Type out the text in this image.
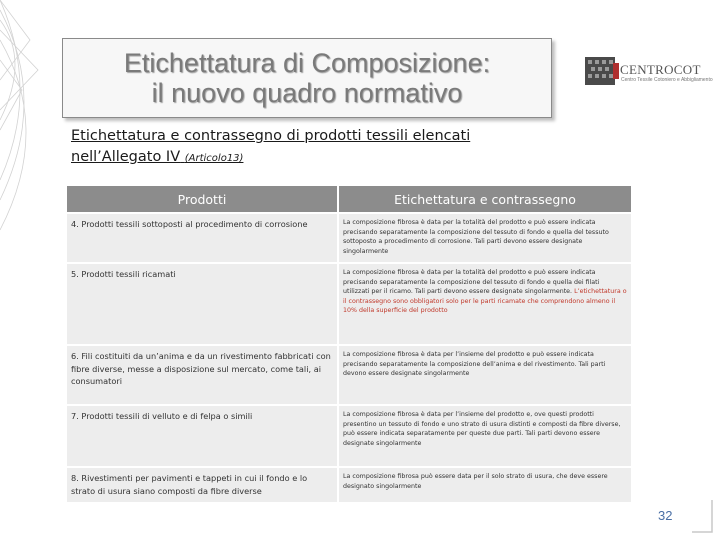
Etichettatura di Composizione:
il nuovo quadro normativo
CENTROCOT
Centro Tessile Cotoniero e Abbigliamento
Etichettatura e contrassegno di prodotti tessili elencati
nell’Allegato IV (Articolo13)
Prodotti	Etichettatura e contrassegno
4. Prodotti tessili sottoposti al procedimento di corrosione	La composizione fibrosa è data per la totalità del prodotto e può essere indicata precisando separatamente la composizione del tessuto di fondo e quella del tessuto sottoposto a procedimento di corrosione. Tali parti devono essere designate singolarmente
5. Prodotti tessili ricamati	La composizione fibrosa è data per la totalità del prodotto e può essere indicata precisando separatamente la composizione del tessuto di fondo e quella dei filati utilizzati per il ricamo. Tali parti devono essere designate singolarmente. L’etichettatura o il contrassegno sono obbligatori solo per le parti ricamate che comprendono almeno il 10% della superficie del prodotto
6. Fili costituiti da un’anima e da un rivestimento fabbricati con fibre diverse, messe a disposizione sul mercato, come tali, ai consumatori	La composizione fibrosa è data per l’insieme del prodotto e può essere indicata precisando separatamente la composizione dell’anima e del rivestimento. Tali parti devono essere designate singolarmente
7. Prodotti tessili di velluto e di felpa o simili	La composizione fibrosa è data per l’insieme del prodotto e, ove questi prodotti presentino un tessuto di fondo e uno strato di usura distinti e composti da fibre diverse, può essere indicata separatamente per queste due parti. Tali parti devono essere designate singolarmente
8. Rivestimenti per pavimenti e tappeti in cui il fondo e lo strato di usura siano composti da fibre diverse	La composizione fibrosa può essere data per il solo strato di usura, che deve essere designato singolarmente
32
